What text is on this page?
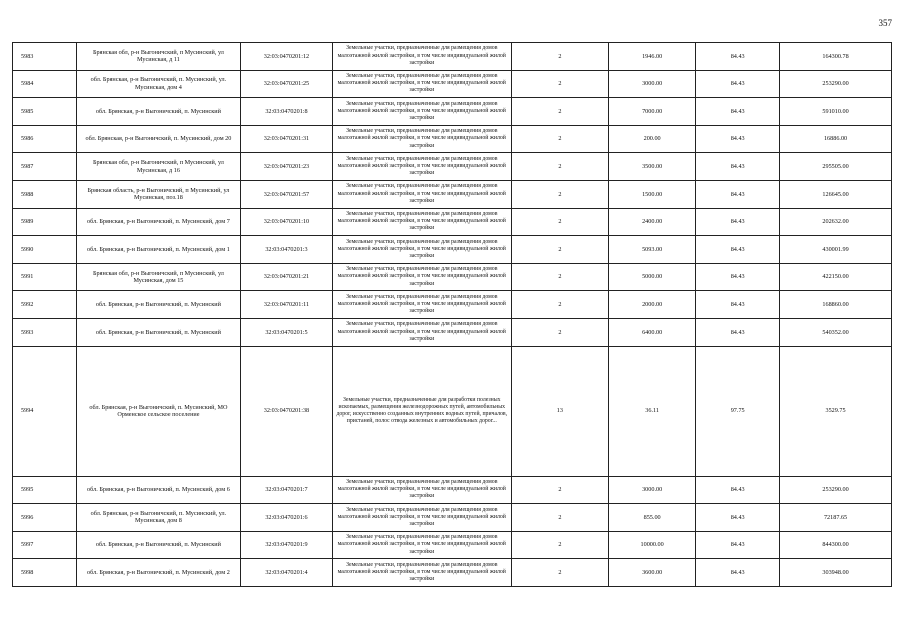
357
5983	Брянская обл, р-н Выгоничский, п Мусинский, ул Мусинская, д 11	32:03:0470201:12	Земельные участки, предназначенные для размещения домов малоэтажной жилой застройки, в том числе индивидуальной жилой застройки	2	1946.00	84.43	164300.78
5984	обл. Брянская, р-н Выгоничский, п. Мусинский, ул. Мусинская, дом 4	32:03:0470201:25	Земельные участки, предназначенные для размещения домов малоэтажной жилой застройки, в том числе индивидуальной жилой застройки	2	3000.00	84.43	253290.00
5985	обл. Брянская, р-н Выгоничский, п. Мусинский	32:03:0470201:8	Земельные участки, предназначенные для размещения домов малоэтажной жилой застройки, в том числе индивидуальной жилой застройки	2	7000.00	84.43	591010.00
5986	обл. Брянская, р-н Выгоничский, п. Мусинский, дом 20	32:03:0470201:31	Земельные участки, предназначенные для размещения домов малоэтажной жилой застройки, в том числе индивидуальной жилой застройки	2	200.00	84.43	16886.00
5987	Брянская обл, р-н Выгоничский, п Мусинский, ул Мусинская, д 16	32:03:0470201:23	Земельные участки, предназначенные для размещения домов малоэтажной жилой застройки, в том числе индивидуальной жилой застройки	2	3500.00	84.43	295505.00
5988	Брянская область, р-н Выгоничский, п Мусинский, ул Мусинская, поз.18	32:03:0470201:57	Земельные участки, предназначенные для размещения домов малоэтажной жилой застройки, в том числе индивидуальной жилой застройки	2	1500.00	84.43	126645.00
5989	обл. Брянская, р-н Выгоничский, п. Мусинский, дом 7	32:03:0470201:10	Земельные участки, предназначенные для размещения домов малоэтажной жилой застройки, в том числе индивидуальной жилой застройки	2	2400.00	84.43	202632.00
5990	обл. Брянская, р-н Выгоничский, п. Мусинский, дом 1	32:03:0470201:3	Земельные участки, предназначенные для размещения домов малоэтажной жилой застройки, в том числе индивидуальной жилой застройки	2	5093.00	84.43	430001.99
5991	Брянская обл, р-н Выгоничский, п Мусинский, ул Мусинская, дом 15	32:03:0470201:21	Земельные участки, предназначенные для размещения домов малоэтажной жилой застройки, в том числе индивидуальной жилой застройки	2	5000.00	84.43	422150.00
5992	обл. Брянская, р-н Выгоничский, п. Мусинский	32:03:0470201:11	Земельные участки, предназначенные для размещения домов малоэтажной жилой застройки, в том числе индивидуальной жилой застройки	2	2000.00	84.43	168860.00
5993	обл. Брянская, р-н Выгоничский, п. Мусинский	32:03:0470201:5	Земельные участки, предназначенные для размещения домов малоэтажной жилой застройки, в том числе индивидуальной жилой застройки	2	6400.00	84.43	540352.00
5994	обл. Брянская, р-н Выгоничский, п. Мусинский, МО Орменское сельское поселение	32:03:0470201:38	Земельные участки, предназначенные для разработки полезных ископаемых, размещения железнодорожных путей, автомобильных дорог, искусственно созданных внутренних водных путей, причалов, пристаней, полос отвода железных и автомобильных дорог...	13	36.11	97.75	3529.75
5995	обл. Брянская, р-н Выгоничский, п. Мусинский, дом 6	32:03:0470201:7	Земельные участки, предназначенные для размещения домов малоэтажной жилой застройки, в том числе индивидуальной жилой застройки	2	3000.00	84.43	253290.00
5996	обл. Брянская, р-н Выгоничский, п. Мусинский, ул. Мусинская, дом 8	32:03:0470201:6	Земельные участки, предназначенные для размещения домов малоэтажной жилой застройки, в том числе индивидуальной жилой застройки	2	855.00	84.43	72187.65
5997	обл. Брянская, р-н Выгоничский, п. Мусинский	32:03:0470201:9	Земельные участки, предназначенные для размещения домов малоэтажной жилой застройки, в том числе индивидуальной жилой застройки	2	10000.00	84.43	844300.00
5998	обл. Брянская, р-н Выгоничский, п. Мусинский, дом 2	32:03:0470201:4	Земельные участки, предназначенные для размещения домов малоэтажной жилой застройки, в том числе индивидуальной жилой застройки	2	3600.00	84.43	303948.00
